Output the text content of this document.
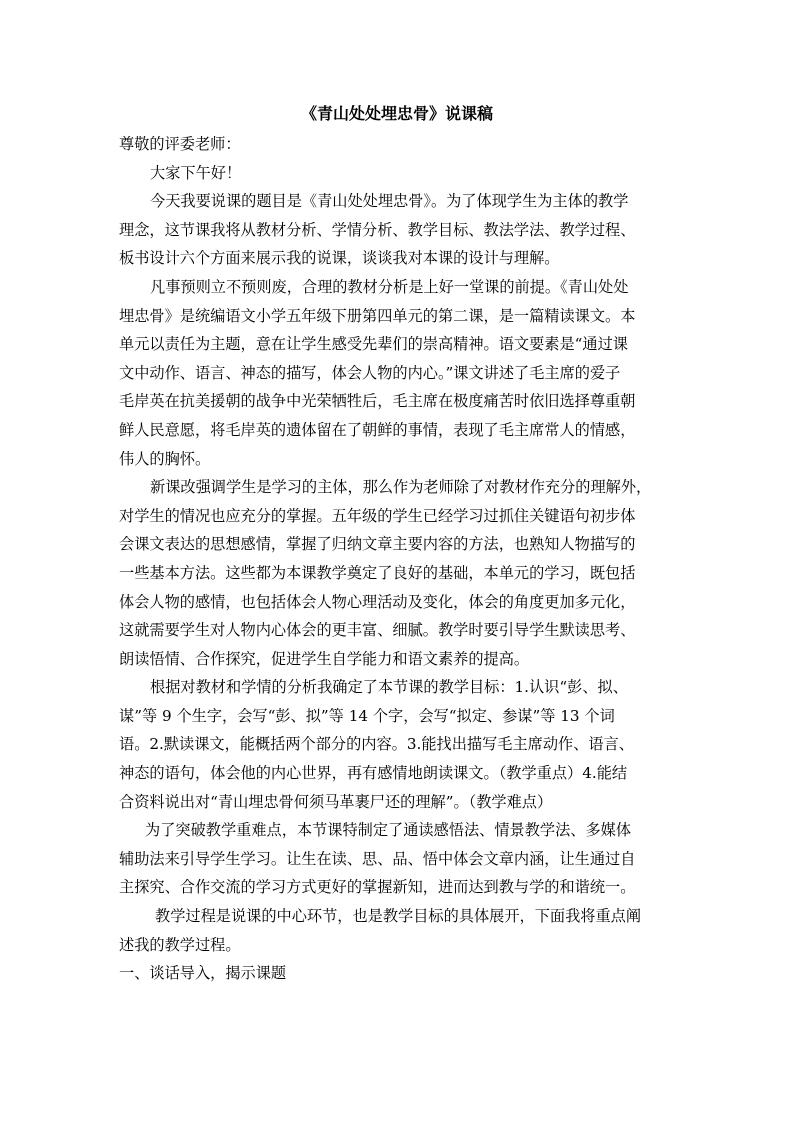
《青山处处埋忠骨》说课稿

尊敬的评委老师：

大家下午好！

今天我要说课的题目是《青山处处埋忠骨》。为了体现学生为主体的教学
理念，这节课我将从教材分析、学情分析、教学目标、教法学法、教学过程、
板书设计六个方面来展示我的说课，谈谈我对本课的设计与理解。

凡事预则立不预则废，合理的教材分析是上好一堂课的前提。《青山处处
埋忠骨》是统编语文小学五年级下册第四单元的第二课，是一篇精读课文。本
单元以责任为主题，意在让学生感受先辈们的崇高精神。语文要素是“通过课
文中动作、语言、神态的描写，体会人物的内心。”课文讲述了毛主席的爱子
毛岸英在抗美援朝的战争中光荣牺牲后，毛主席在极度痛苦时依旧选择尊重朝
鲜人民意愿，将毛岸英的遗体留在了朝鲜的事情，表现了毛主席常人的情感，
伟人的胸怀。

新课改强调学生是学习的主体，那么作为老师除了对教材作充分的理解外，
对学生的情况也应充分的掌握。五年级的学生已经学习过抓住关键语句初步体
会课文表达的思想感情，掌握了归纳文章主要内容的方法，也熟知人物描写的
一些基本方法。这些都为本课教学奠定了良好的基础，本单元的学习，既包括
体会人物的感情，也包括体会人物心理活动及变化，体会的角度更加多元化，
这就需要学生对人物内心体会的更丰富、细腻。教学时要引导学生默读思考、
朗读悟情、合作探究，促进学生自学能力和语文素养的提高。

根据对教材和学情的分析我确定了本节课的教学目标：1.认识“彭、拟、
谋”等 9 个生字，会写“彭、拟”等 14 个字，会写“拟定、参谋”等 13 个词
语。2.默读课文，能概括两个部分的内容。3.能找出描写毛主席动作、语言、
神态的语句，体会他的内心世界，再有感情地朗读课文。（教学重点）4.能结
合资料说出对“青山埋忠骨何须马革裹尸还的理解”。（教学难点）

为了突破教学重难点，本节课特制定了通读感悟法、情景教学法、多媒体
辅助法来引导学生学习。让生在读、思、品、悟中体会文章内涵，让生通过自
主探究、合作交流的学习方式更好的掌握新知，进而达到教与学的和谐统一。

教学过程是说课的中心环节，也是教学目标的具体展开，下面我将重点阐
述我的教学过程。

一、谈话导入，揭示课题
